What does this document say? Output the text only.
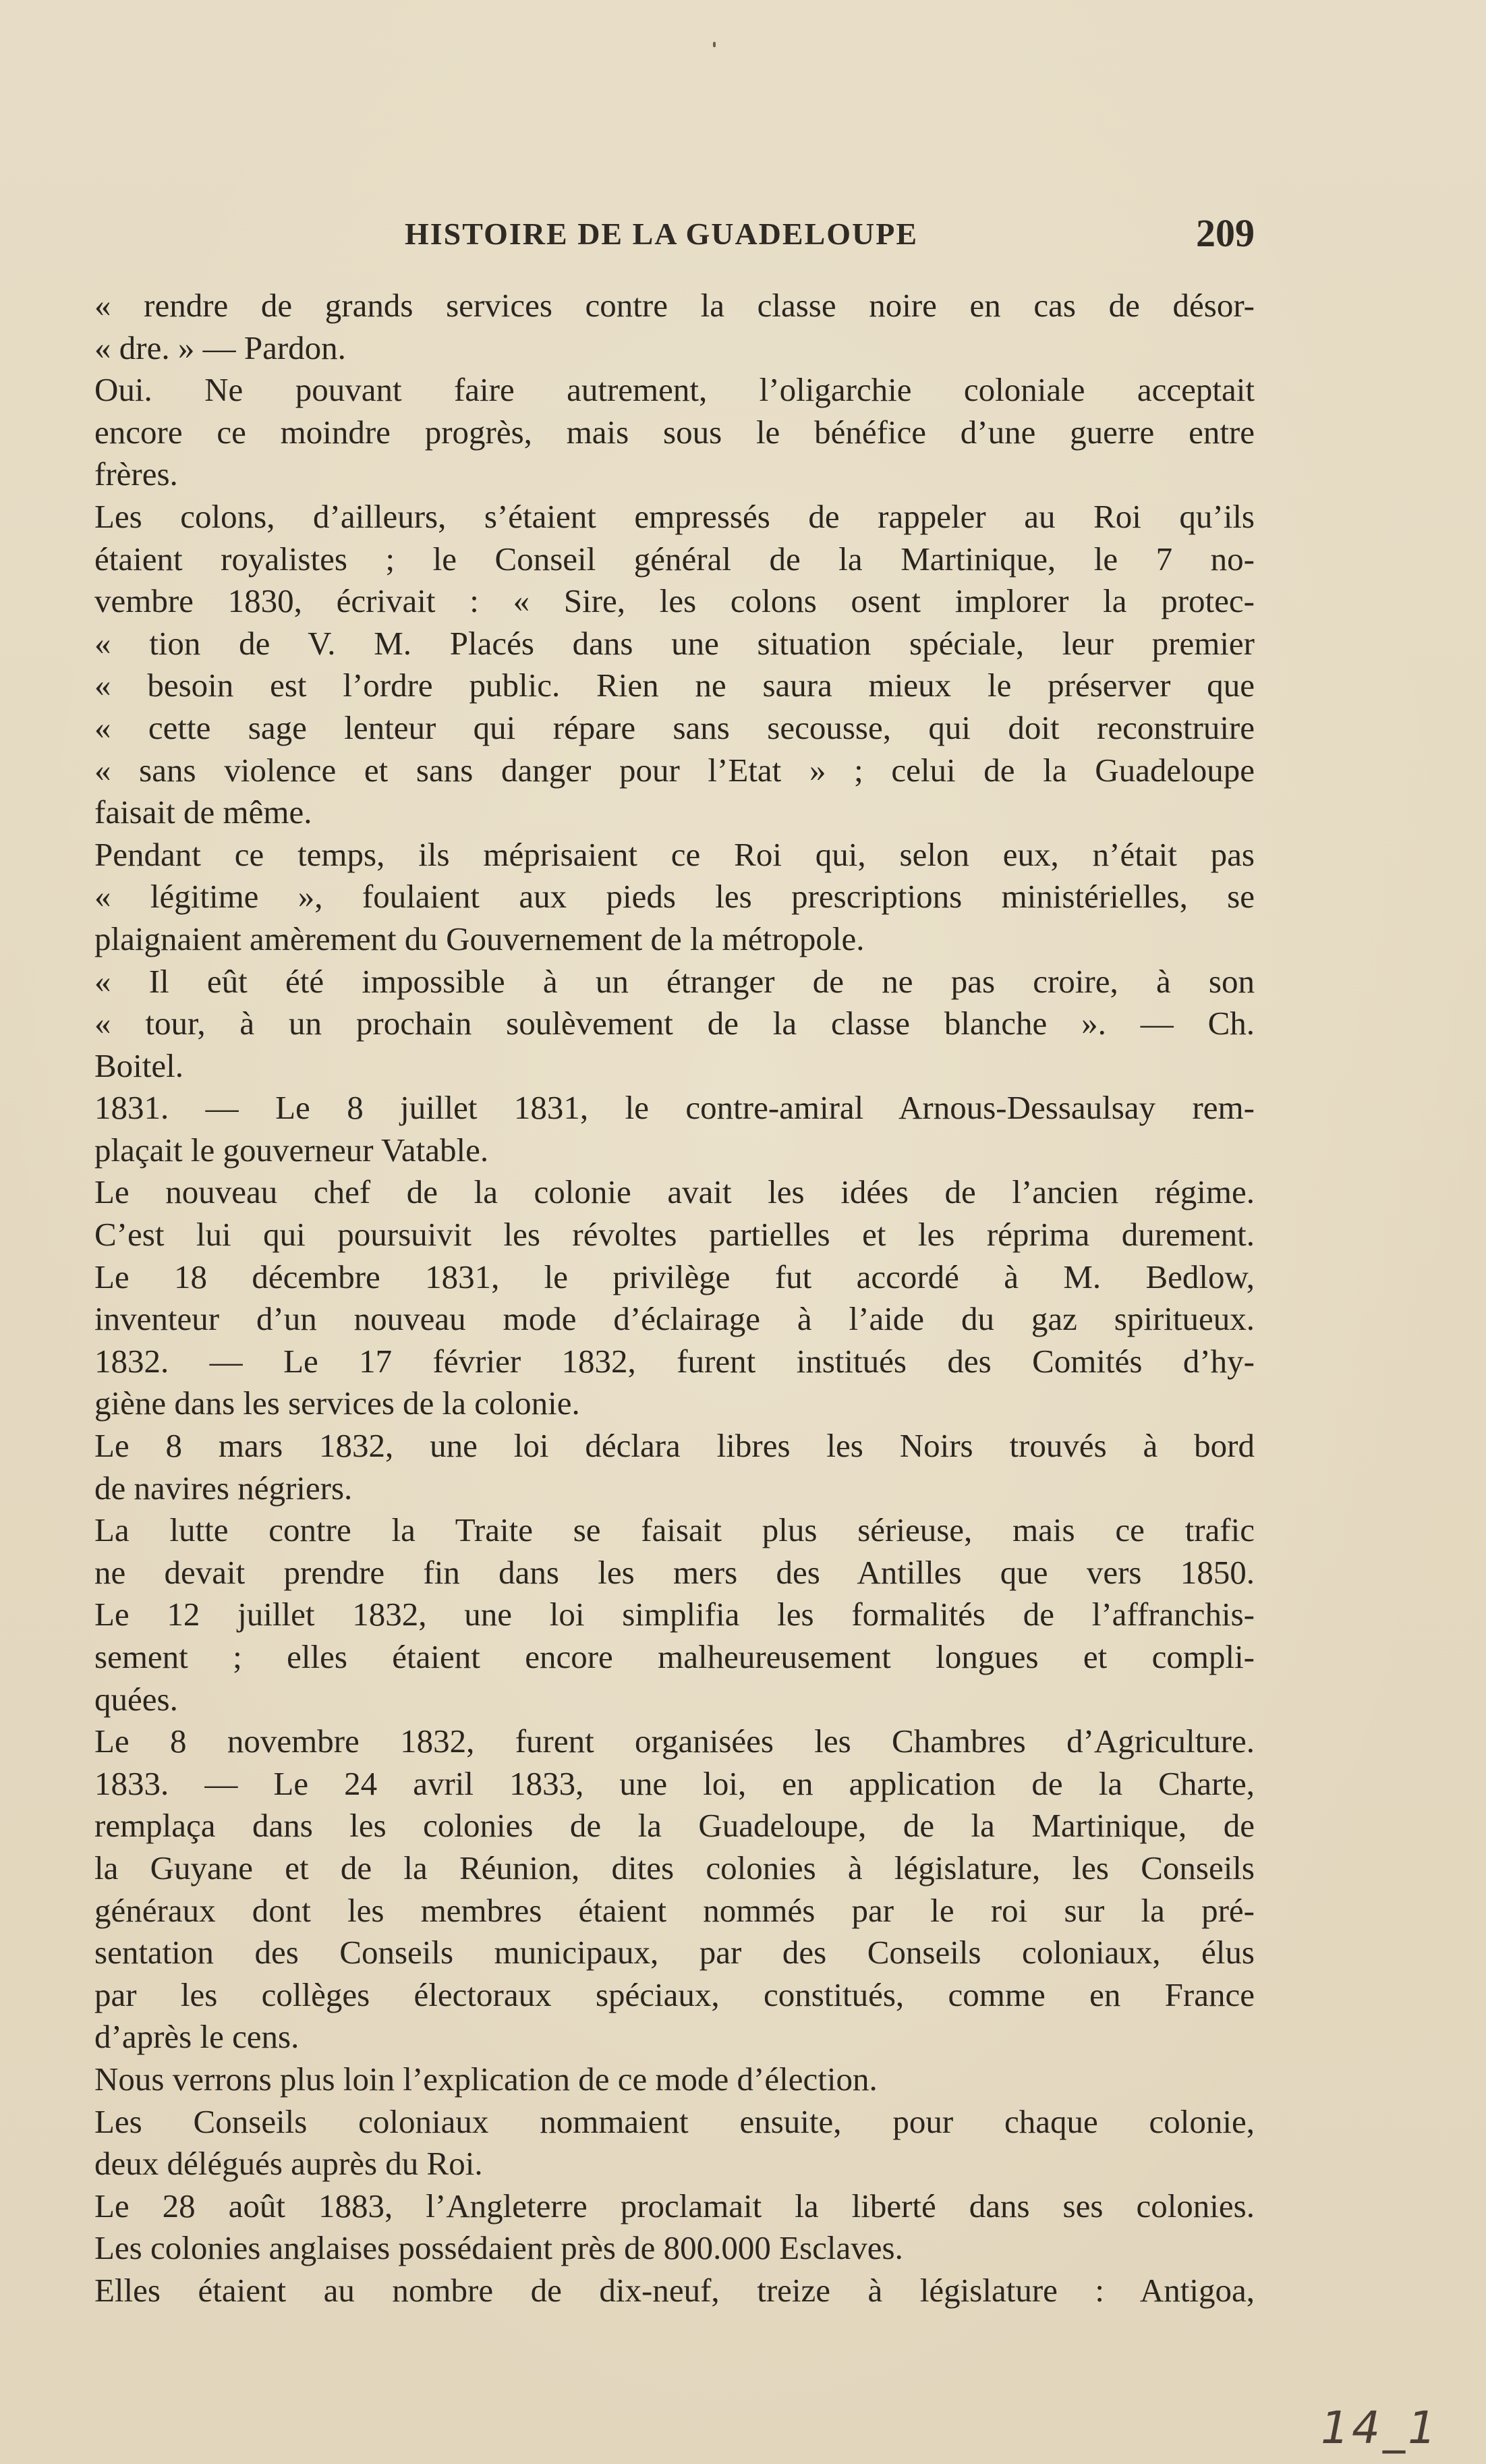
HISTOIRE DE LA GUADELOUPE	209
« rendre de grands services contre la classe noire en cas de désor-
« dre. » — Pardon.
Oui. Ne pouvant faire autrement, l’oligarchie coloniale acceptait
encore ce moindre progrès, mais sous le bénéfice d’une guerre entre
frères.
Les colons, d’ailleurs, s’étaient empressés de rappeler au Roi qu’ils
étaient royalistes ; le Conseil général de la Martinique, le 7 no-
vembre 1830, écrivait : « Sire, les colons osent implorer la protec-
« tion de V. M. Placés dans une situation spéciale, leur premier
« besoin est l’ordre public. Rien ne saura mieux le préserver que
« cette sage lenteur qui répare sans secousse, qui doit reconstruire
« sans violence et sans danger pour l’Etat » ; celui de la Guadeloupe
faisait de même.
Pendant ce temps, ils méprisaient ce Roi qui, selon eux, n’était pas
« légitime », foulaient aux pieds les prescriptions ministérielles, se
plaignaient amèrement du Gouvernement de la métropole.
« Il eût été impossible à un étranger de ne pas croire, à son
« tour, à un prochain soulèvement de la classe blanche ». — Ch.
Boitel.
1831. — Le 8 juillet 1831, le contre-amiral Arnous-Dessaulsay rem-
plaçait le gouverneur Vatable.
Le nouveau chef de la colonie avait les idées de l’ancien régime.
C’est lui qui poursuivit les révoltes partielles et les réprima durement.
Le 18 décembre 1831, le privilège fut accordé à M. Bedlow,
inventeur d’un nouveau mode d’éclairage à l’aide du gaz spiritueux.
1832. — Le 17 février 1832, furent institués des Comités d’hy-
giène dans les services de la colonie.
Le 8 mars 1832, une loi déclara libres les Noirs trouvés à bord
de navires négriers.
La lutte contre la Traite se faisait plus sérieuse, mais ce trafic
ne devait prendre fin dans les mers des Antilles que vers 1850.
Le 12 juillet 1832, une loi simplifia les formalités de l’affranchis-
sement ; elles étaient encore malheureusement longues et compli-
quées.
Le 8 novembre 1832, furent organisées les Chambres d’Agriculture.
1833. — Le 24 avril 1833, une loi, en application de la Charte,
remplaça dans les colonies de la Guadeloupe, de la Martinique, de
la Guyane et de la Réunion, dites colonies à législature, les Conseils
généraux dont les membres étaient nommés par le roi sur la pré-
sentation des Conseils municipaux, par des Conseils coloniaux, élus
par les collèges électoraux spéciaux, constitués, comme en France
d’après le cens.
Nous verrons plus loin l’explication de ce mode d’élection.
Les Conseils coloniaux nommaient ensuite, pour chaque colonie,
deux délégués auprès du Roi.
Le 28 août 1883, l’Angleterre proclamait la liberté dans ses colonies.
Les colonies anglaises possédaient près de 800.000 Esclaves.
Elles étaient au nombre de dix-neuf, treize à législature : Antigoa,
14_1
